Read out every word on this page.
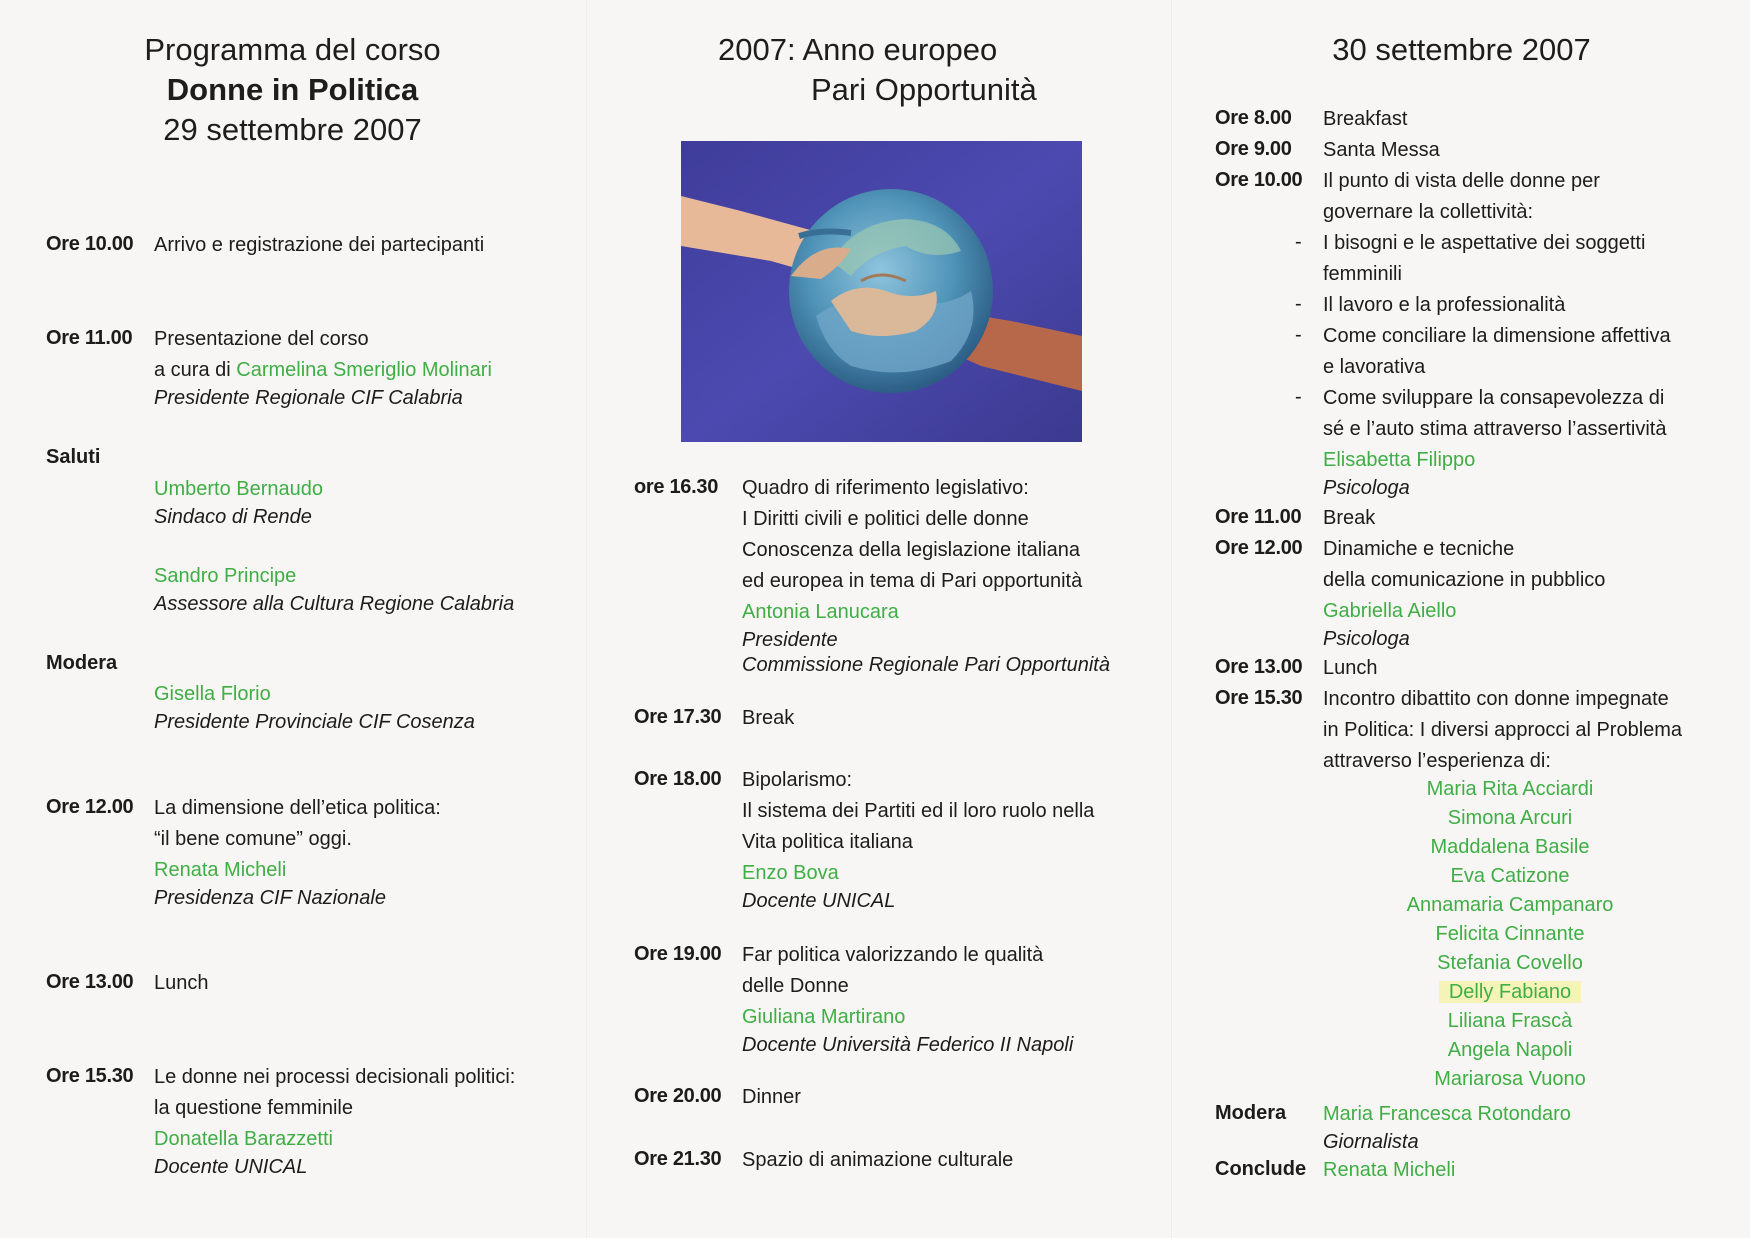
Programma del corso
Donne in Politica
29 settembre 2007
Ore 10.00 Arrivo e registrazione dei partecipanti
Ore 11.00 Presentazione del corso
a cura di Carmelina Smeriglio Molinari
Presidente Regionale CIF Calabria
Saluti
Umberto Bernaudo
Sindaco di Rende
Sandro Principe
Assessore alla Cultura Regione Calabria
Modera
Gisella Florio
Presidente Provinciale CIF Cosenza
Ore 12.00 La dimensione dell’etica politica:
“il bene comune” oggi.
Renata Micheli
Presidenza CIF Nazionale
Ore 13.00 Lunch
Ore 15.30 Le donne nei processi decisionali politici:
la questione femminile
Donatella Barazzetti
Docente UNICAL
2007: Anno europeo
Pari Opportunità
ore 16.30 Quadro di riferimento legislativo:
I Diritti civili e politici delle donne
Conoscenza della legislazione italiana
ed europea in tema di Pari opportunità
Antonia Lanucara
Presidente
Commissione Regionale Pari Opportunità
Ore 17.30 Break
Ore 18.00 Bipolarismo:
Il sistema dei Partiti ed il loro ruolo nella
Vita politica italiana
Enzo Bova
Docente UNICAL
Ore 19.00 Far politica valorizzando le qualità
delle Donne
Giuliana Martirano
Docente Università Federico II Napoli
Ore 20.00 Dinner
Ore 21.30 Spazio di animazione culturale
30 settembre 2007
Ore 8.00 Breakfast
Ore 9.00 Santa Messa
Ore 10.00 Il punto di vista delle donne per
governare la collettività:
- I bisogni e le aspettative dei soggetti
femminili
- Il lavoro e la professionalità
- Come conciliare la dimensione affettiva
e lavorativa
- Come sviluppare la consapevolezza di
sé e l’auto stima attraverso l’assertività
Elisabetta Filippo
Psicologa
Ore 11.00 Break
Ore 12.00 Dinamiche e tecniche
della comunicazione in pubblico
Gabriella Aiello
Psicologa
Ore 13.00 Lunch
Ore 15.30 Incontro dibattito con donne impegnate
in Politica: I diversi approcci al Problema
attraverso l’esperienza di:
Maria Rita Acciardi
Simona Arcuri
Maddalena Basile
Eva Catizone
Annamaria Campanaro
Felicita Cinnante
Stefania Covello
Delly Fabiano
Liliana Frascà
Angela Napoli
Mariarosa Vuono
Modera Maria Francesca Rotondaro
Giornalista
Conclude Renata Micheli
